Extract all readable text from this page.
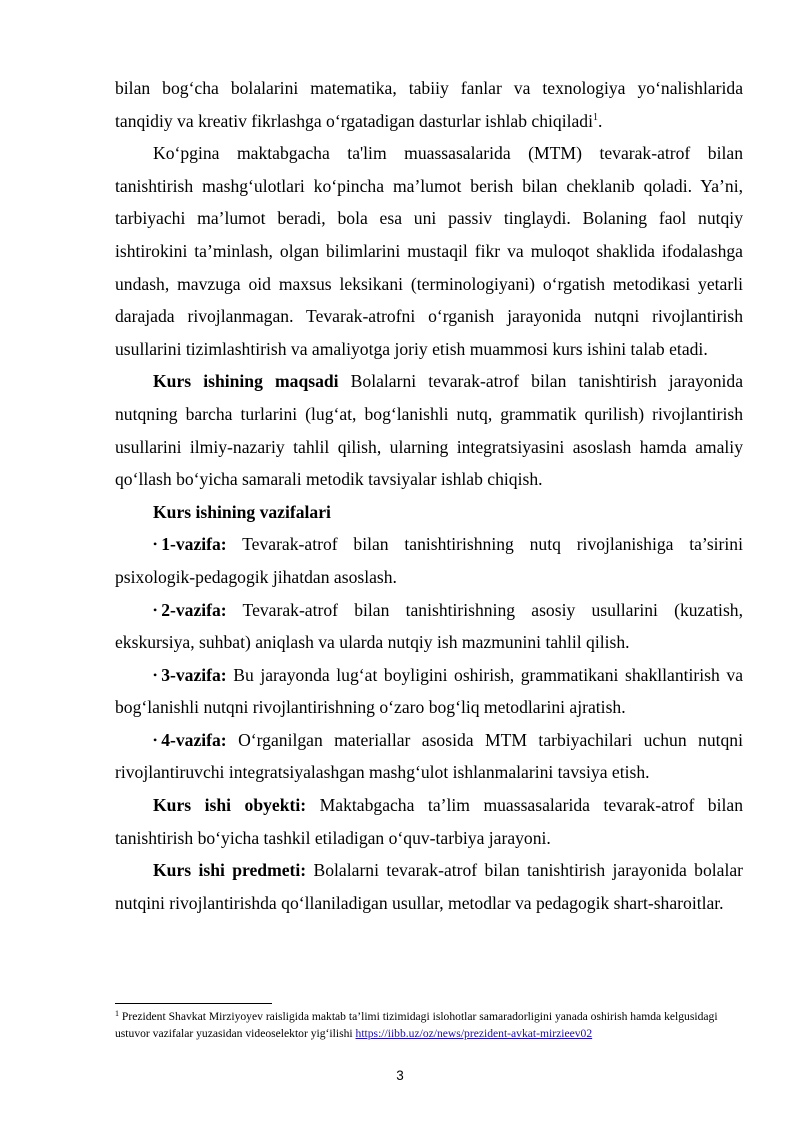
bilan bog‘cha bolalarini matematika, tabiiy fanlar va texnologiya yo‘nalishlarida tanqidiy va kreativ fikrlashga o‘rgatadigan dasturlar ishlab chiqiladi$^1$.

Ko‘pgina maktabgacha ta'lim muassasalarida (MTM) tevarak-atrof bilan tanishtirish mashg‘ulotlari ko‘pincha ma’lumot berish bilan cheklanib qoladi. Ya’ni, tarbiyachi ma’lumot beradi, bola esa uni passiv tinglaydi. Bolaning faol nutqiy ishtirokini ta’minlash, olgan bilimlarini mustaqil fikr va muloqot shaklida ifodalashga undash, mavzuga oid maxsus leksikani (terminologiyani) o‘rgatish metodikasi yetarli darajada rivojlanmagan. Tevarak-atrofni o‘rganish jarayonida nutqni rivojlantirish usullarini tizimlashtirish va amaliyotga joriy etish muammosi kurs ishini talab etadi.

Kurs ishining maqsadi Bolalarni tevarak-atrof bilan tanishtirish jarayonida nutqning barcha turlarini (lug‘at, bog‘lanishli nutq, grammatik qurilish) rivojlantirish usullarini ilmiy-nazariy tahlil qilish, ularning integratsiyasini asoslash hamda amaliy qo‘llash bo‘yicha samarali metodik tavsiyalar ishlab chiqish.

Kurs ishining vazifalari

• 1-vazifa: Tevarak-atrof bilan tanishtirishning nutq rivojlanishiga ta’sirini psixologik-pedagogik jihatdan asoslash.

• 2-vazifa: Tevarak-atrof bilan tanishtirishning asosiy usullarini (kuzatish, ekskursiya, suhbat) aniqlash va ularda nutqiy ish mazmunini tahlil qilish.

• 3-vazifa: Bu jarayonda lug‘at boyligini oshirish, grammatikani shakllantirish va bog‘lanishli nutqni rivojlantirishning o‘zaro bog‘liq metodlarini ajratish.

• 4-vazifa: O‘rganilgan materiallar asosida MTM tarbiyachilari uchun nutqni rivojlantiruvchi integratsiyalashgan mashg‘ulot ishlanmalarini tavsiya etish.

Kurs ishi obyekti: Maktabgacha ta’lim muassasalarida tevarak-atrof bilan tanishtirish bo‘yicha tashkil etiladigan o‘quv-tarbiya jarayoni.

Kurs ishi predmeti: Bolalarni tevarak-atrof bilan tanishtirish jarayonida bolalar nutqini rivojlantirishda qo‘llaniladigan usullar, metodlar va pedagogik shart-sharoitlar.

$^1$ Prezident Shavkat Mirziyoyev raisligida maktab ta’limi tizimidagi islohotlar samaradorligini yanada oshirish hamda kelgusidagi ustuvor vazifalar yuzasidan videoselektor yig‘ilishi https://iibb.uz/oz/news/prezident-avkat-mirzieev02
3
